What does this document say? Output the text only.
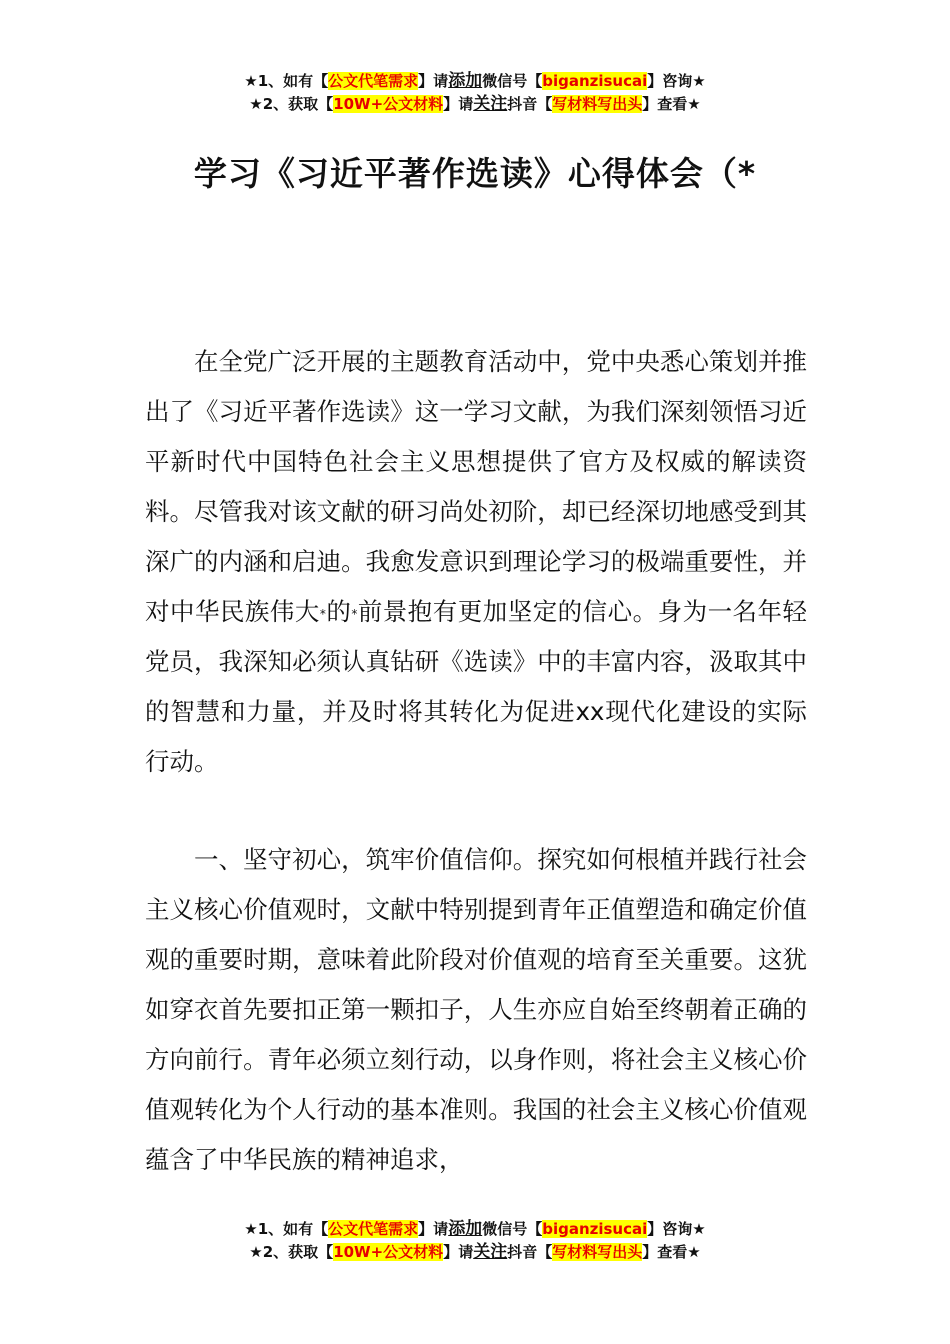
★1、如有【公文代笔需求】请添加微信号【biganzisucai】咨询★
★2、获取【10W+公文材料】请关注抖音【写材料写出头】查看★
学习《习近平著作选读》心得体会（*

在全党广泛开展的主题教育活动中，党中央悉心策划并推出了《习近平著作选读》这一学习文献，为我们深刻领悟习近平新时代中国特色社会主义思想提供了官方及权威的解读资料。尽管我对该文献的研习尚处初阶，却已经深切地感受到其深广的内涵和启迪。我愈发意识到理论学习的极端重要性，并对中华民族伟大*的*前景抱有更加坚定的信心。身为一名年轻党员，我深知必须认真钻研《选读》中的丰富内容，汲取其中的智慧和力量，并及时将其转化为促进xx现代化建设的实际行动。

一、坚守初心，筑牢价值信仰。探究如何根植并践行社会主义核心价值观时，文献中特别提到青年正值塑造和确定价值观的重要时期，意味着此阶段对价值观的培育至关重要。这犹如穿衣首先要扣正第一颗扣子，人生亦应自始至终朝着正确的方向前行。青年必须立刻行动，以身作则，将社会主义核心价值观转化为个人行动的基本准则。我国的社会主义核心价值观蕴含了中华民族的精神追求，

★1、如有【公文代笔需求】请添加微信号【biganzisucai】咨询★
★2、获取【10W+公文材料】请关注抖音【写材料写出头】查看★
